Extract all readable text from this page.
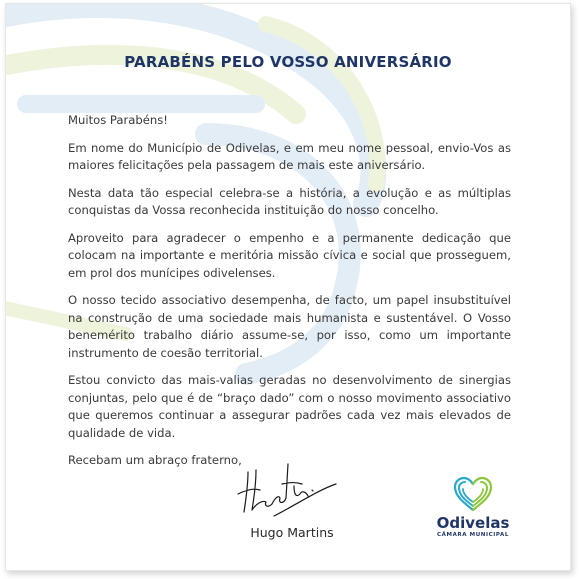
PARABÉNS PELO VOSSO ANIVERSÁRIO

Muitos Parabéns!

Em nome do Município de Odivelas, e em meu nome pessoal, envio-Vos as maiores felicitações pela passagem de mais este aniversário.

Nesta data tão especial celebra-se a história, a evolução e as múltiplas conquistas da Vossa reconhecida instituição do nosso concelho.

Aproveito para agradecer o empenho e a permanente dedicação que colocam na importante e meritória missão cívica e social que prosseguem, em prol dos munícipes odivelenses.

O nosso tecido associativo desempenha, de facto, um papel insubstituível na construção de uma sociedade mais humanista e sustentável. O Vosso benemérito trabalho diário assume-se, por isso, como um importante instrumento de coesão territorial.

Estou convicto das mais-valias geradas no desenvolvimento de sinergias conjuntas, pelo que é de “braço dado” com o nosso movimento associativo que queremos continuar a assegurar padrões cada vez mais elevados de qualidade de vida.

Recebam um abraço fraterno,

Hugo Martins
Odivelas
CÂMARA MUNICIPAL
